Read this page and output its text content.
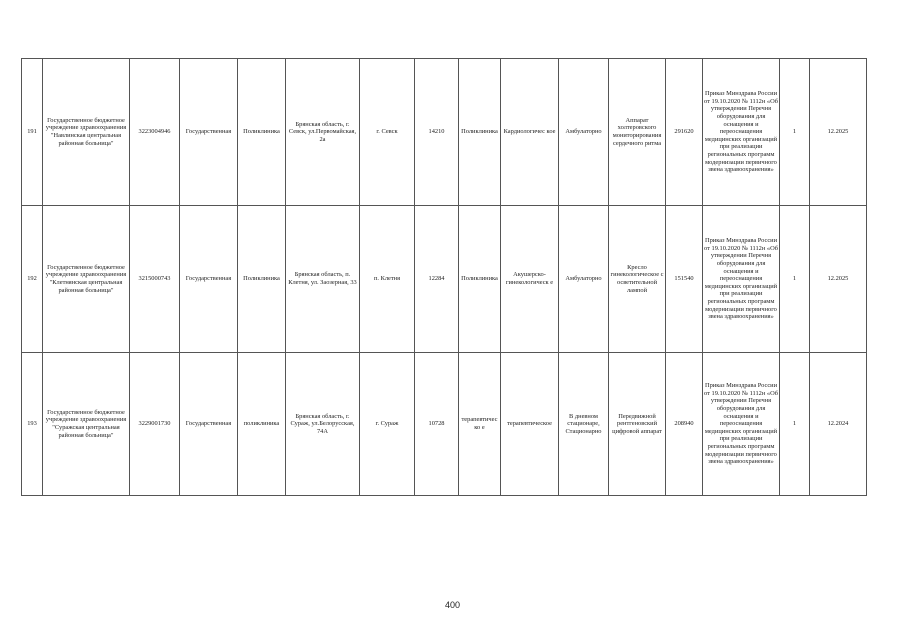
191	Государственное бюджетное учреждение здравоохранения "Навлинская центральная районная больница"	3223004946	Государственная	Поликлиника	Брянская область, г. Севск, ул.Первомайская, 2а	г. Севск	14210	Поликлиника	Кардиологичес кое	Амбулаторно	Аппарат холтеровского мониторирования сердечного ритма	291620	Приказ Минздрава России от 19.10.2020 № 1112н «Об утверждении Перечня оборудования для оснащения и переоснащения медицинских организаций при реализации региональных программ модернизации первичного звена здравоохранения»	1	12.2025
192	Государственное бюджетное учреждение здравоохранения "Клетнянская центральная районная больница"	3215000743	Государственная	Поликлиника	Брянская область, п. Клетня, ул. Заозерная, 33	п. Клетня	12284	Поликлиника	Акушерско-гинекологическ е	Амбулаторно	Кресло гинекологическое с осветительной лампой	151540	Приказ Минздрава России от 19.10.2020 № 1112н «Об утверждении Перечня оборудования для оснащения и переоснащения медицинских организаций при реализации региональных программ модернизации первичного звена здравоохранения»	1	12.2025
193	Государственное бюджетное учреждение здравоохранения "Суражская центральная районная больница"	3229001730	Государственная	поликлиника	Брянская область, г. Сураж, ул.Белорусская, 74А	г. Сураж	10728	терапевтическо е	терапевтическое	В дневном стационаре, Стационарно	Передвижной рентгеновский цифровой аппарат	208940	Приказ Минздрава России от 19.10.2020 № 1112н «Об утверждении Перечня оборудования для оснащения и переоснащения медицинских организаций при реализации региональных программ модернизации первичного звена здравоохранения»	1	12.2024
400
